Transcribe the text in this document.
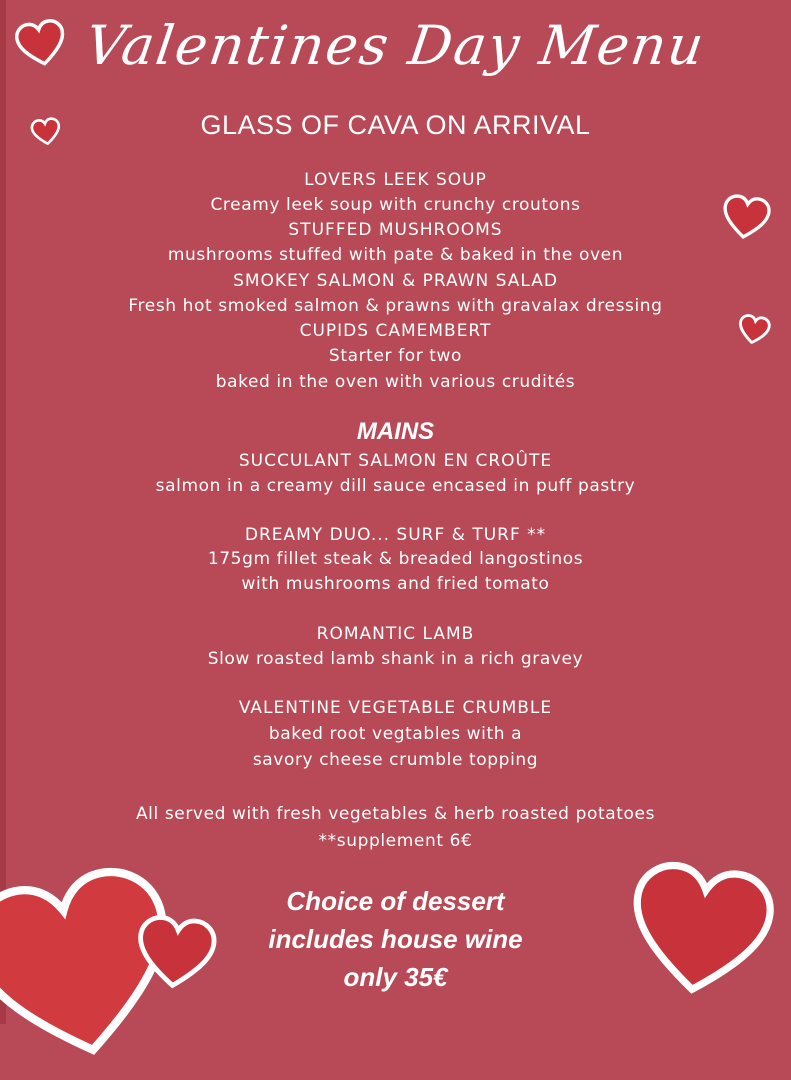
Valentines Day Menu
GLASS OF CAVA ON ARRIVAL
LOVERS LEEK SOUP
Creamy leek soup with crunchy croutons
STUFFED MUSHROOMS
mushrooms stuffed with pate & baked in the oven
SMOKEY SALMON & PRAWN SALAD
Fresh hot smoked salmon & prawns with gravalax dressing
CUPIDS CAMEMBERT
Starter for two
baked in the oven with various crudités
MAINS
SUCCULANT SALMON EN CROÛTE
salmon in a creamy dill sauce encased in puff pastry
DREAMY DUO... SURF & TURF **
175gm fillet steak & breaded langostinos
with mushrooms and fried tomato
ROMANTIC LAMB
Slow roasted lamb shank in a rich gravey
VALENTINE VEGETABLE CRUMBLE
baked root vegtables with a
savory cheese crumble topping
All served with fresh vegetables & herb roasted potatoes
**supplement 6€
Choice of dessert
includes house wine
only 35€
